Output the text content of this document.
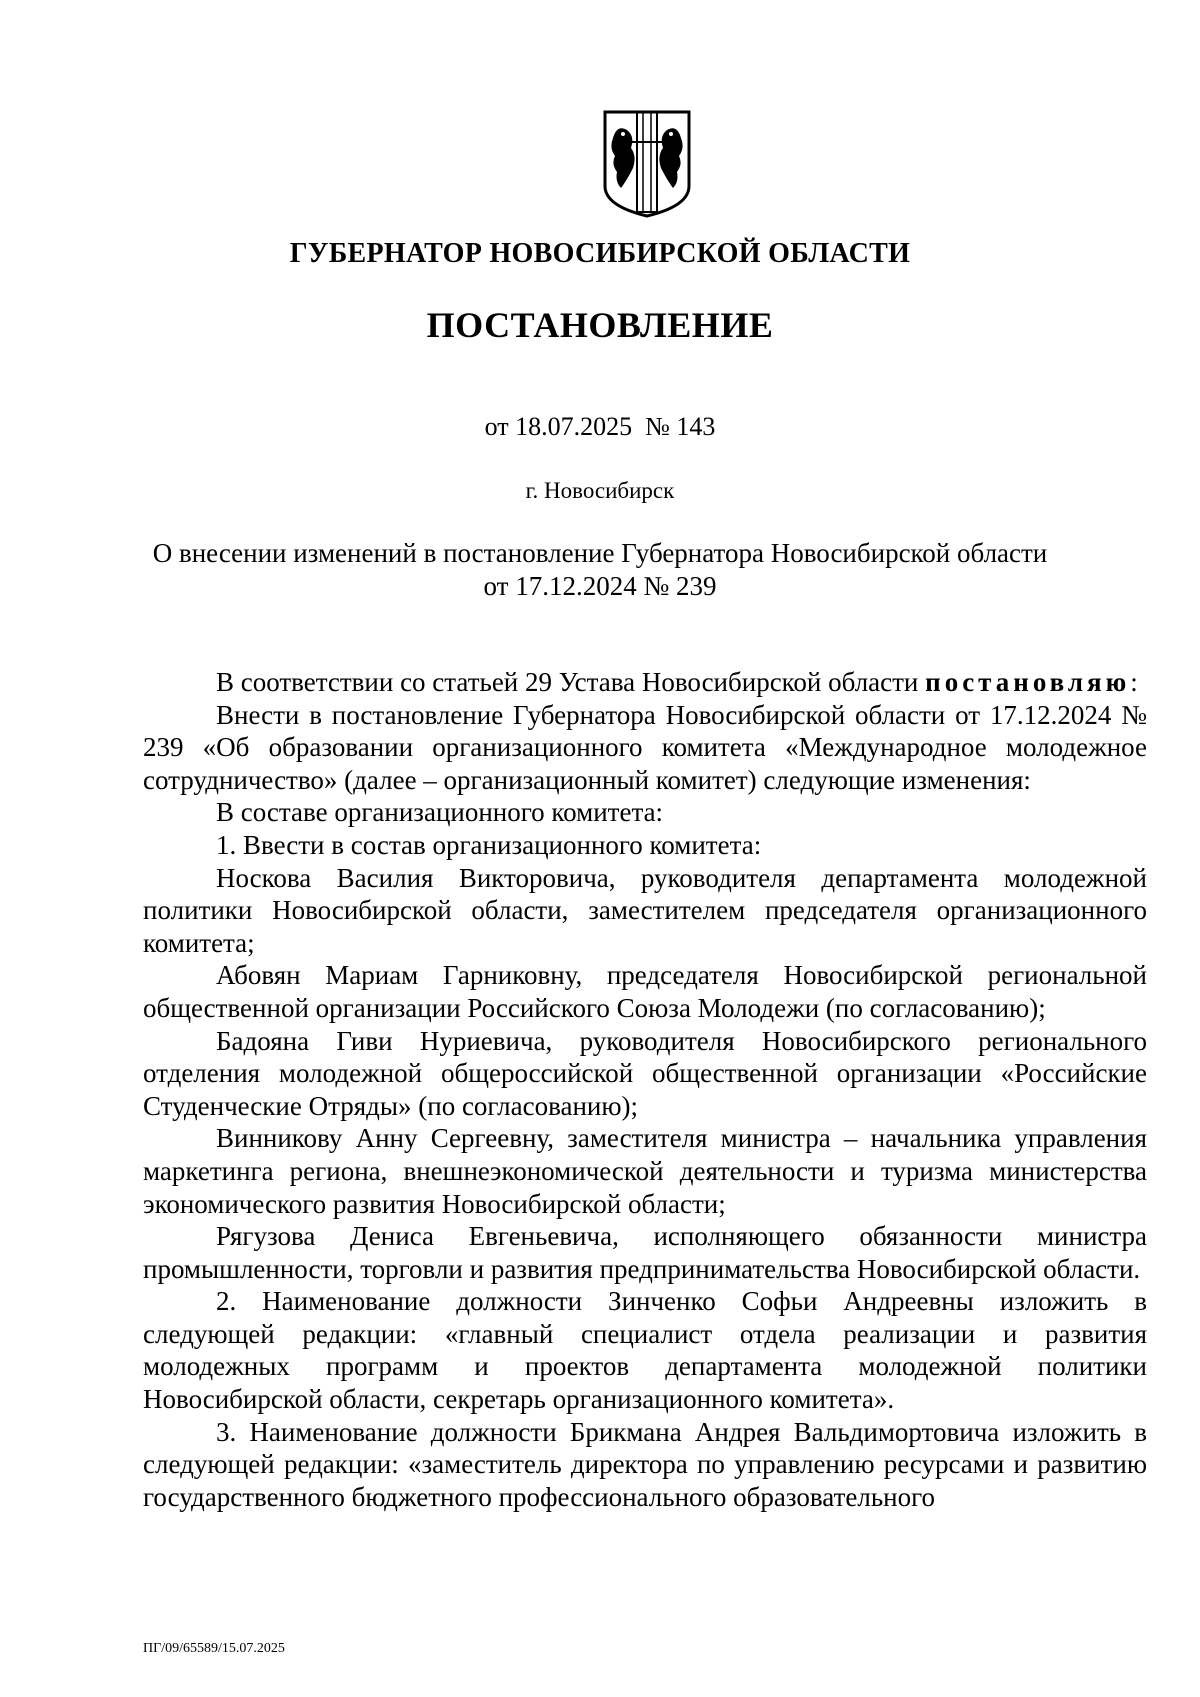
ГУБЕРНАТОР НОВОСИБИРСКОЙ ОБЛАСТИ
ПОСТАНОВЛЕНИЕ
от 18.07.2025  № 143
г. Новосибирск
О внесении изменений в постановление Губернатора Новосибирской области
от 17.12.2024 № 239

В соответствии со статьей 29 Устава Новосибирской области постановляю:

Внести в постановление Губернатора Новосибирской области от 17.12.2024 № 239 «Об образовании организационного комитета «Международное молодежное сотрудничество» (далее – организационный комитет) следующие изменения:

В составе организационного комитета:

1. Ввести в состав организационного комитета:

Носкова Василия Викторовича, руководителя департамента молодежной политики Новосибирской области, заместителем председателя организационного комитета;

Абовян Мариам Гарниковну, председателя Новосибирской региональной общественной организации Российского Союза Молодежи (по согласованию);

Бадояна Гиви Нуриевича, руководителя Новосибирского регионального отделения молодежной общероссийской общественной организации «Российские Студенческие Отряды» (по согласованию);

Винникову Анну Сергеевну, заместителя министра – начальника управления маркетинга региона, внешнеэкономической деятельности и туризма министерства экономического развития Новосибирской области;

Рягузова Дениса Евгеньевича, исполняющего обязанности министра промышленности, торговли и развития предпринимательства Новосибирской области.

2. Наименование должности Зинченко Софьи Андреевны изложить в следующей редакции: «главный специалист отдела реализации и развития молодежных программ и проектов департамента молодежной политики Новосибирской области, секретарь организационного комитета».

3. Наименование должности Брикмана Андрея Вальдимортовича изложить в следующей редакции: «заместитель директора по управлению ресурсами и развитию государственного бюджетного профессионального образовательного

ПГ/09/65589/15.07.2025
